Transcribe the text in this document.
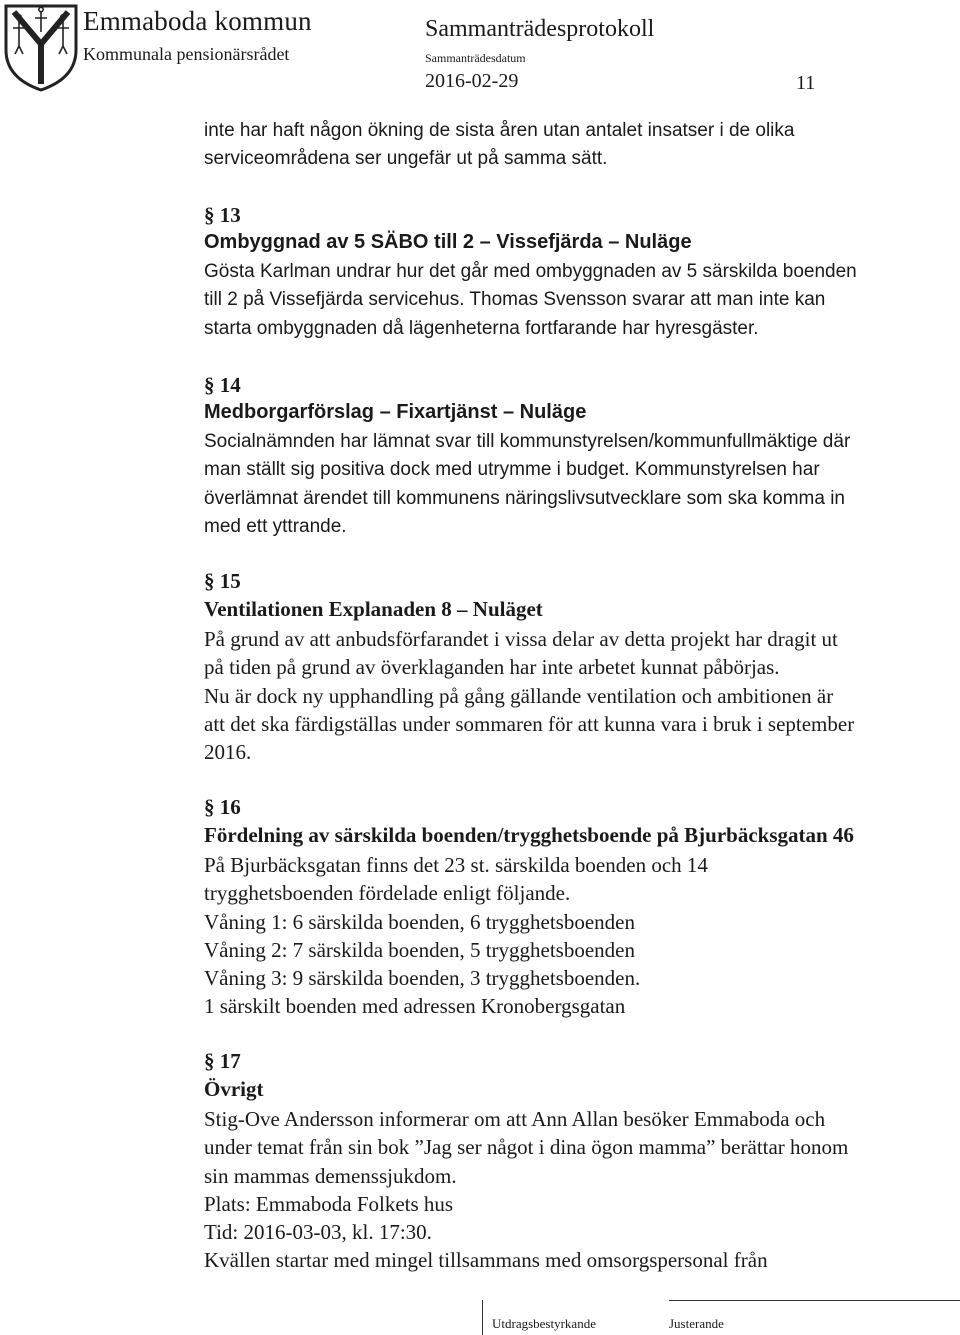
Emmaboda kommun
Kommunala pensionärsrådet
Sammanträdesprotokoll
Sammanträdesdatum
2016-02-29	11
inte har haft någon ökning de sista åren utan antalet insatser i de olika
serviceområdena ser ungefär ut på samma sätt.
§ 13
Ombyggnad av 5 SÄBO till 2 – Vissefjärda – Nuläge
Gösta Karlman undrar hur det går med ombyggnaden av 5 särskilda boenden
till 2 på Vissefjärda servicehus. Thomas Svensson svarar att man inte kan
starta ombyggnaden då lägenheterna fortfarande har hyresgäster.
§ 14
Medborgarförslag – Fixartjänst – Nuläge
Socialnämnden har lämnat svar till kommunstyrelsen/kommunfullmäktige där
man ställt sig positiva dock med utrymme i budget. Kommunstyrelsen har
överlämnat ärendet till kommunens näringslivsutvecklare som ska komma in
med ett yttrande.
§ 15
Ventilationen Explanaden 8 – Nuläget
På grund av att anbudsförfarandet i vissa delar av detta projekt har dragit ut
på tiden på grund av överklaganden har inte arbetet kunnat påbörjas.
Nu är dock ny upphandling på gång gällande ventilation och ambitionen är
att det ska färdigställas under sommaren för att kunna vara i bruk i september
2016.
§ 16
Fördelning av särskilda boenden/trygghetsboende på Bjurbäcksgatan 46
På Bjurbäcksgatan finns det 23 st. särskilda boenden och 14
trygghetsboenden fördelade enligt följande.
Våning 1: 6 särskilda boenden, 6 trygghetsboenden
Våning 2: 7 särskilda boenden, 5 trygghetsboenden
Våning 3: 9 särskilda boenden, 3 trygghetsboenden.
1 särskilt boenden med adressen Kronobergsgatan
§ 17
Övrigt
Stig-Ove Andersson informerar om att Ann Allan besöker Emmaboda och
under temat från sin bok ”Jag ser något i dina ögon mamma” berättar honom
sin mammas demenssjukdom.
Plats: Emmaboda Folkets hus
Tid: 2016-03-03, kl. 17:30.
Kvällen startar med mingel tillsammans med omsorgspersonal från
Justerande
Utdragsbestyrkande
